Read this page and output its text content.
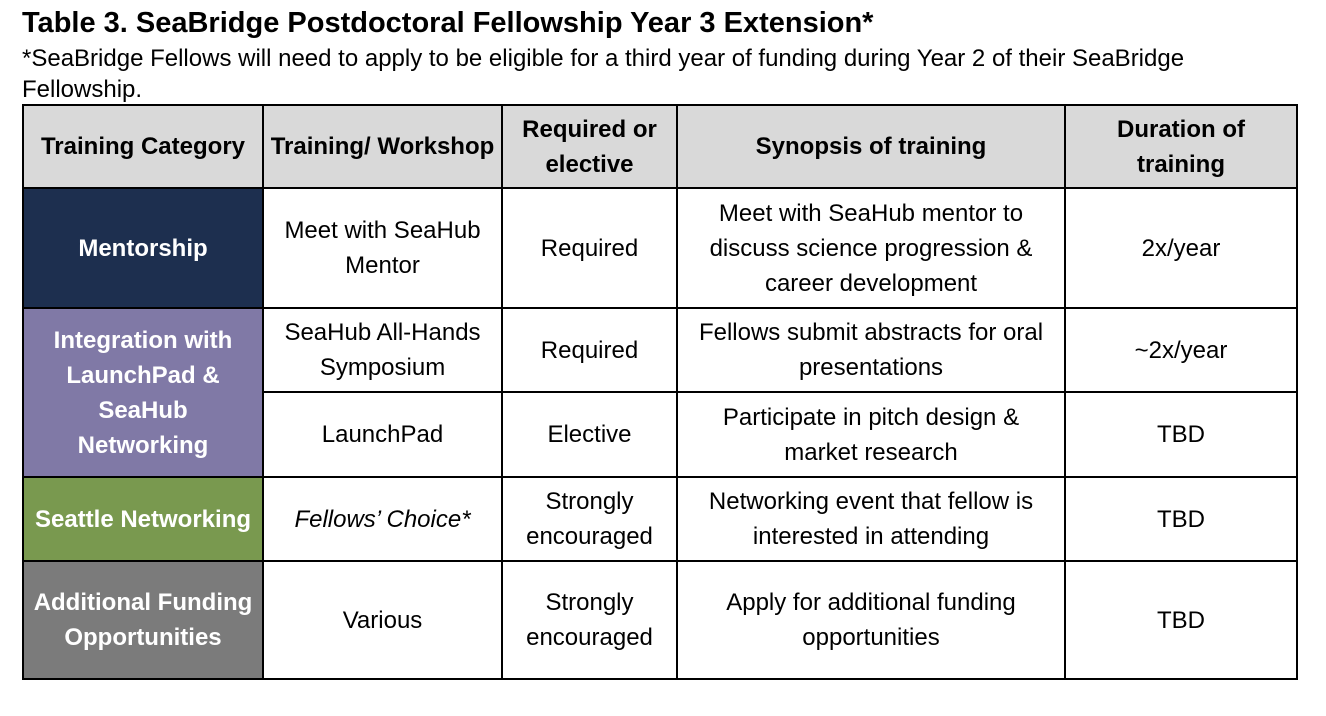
Table 3. SeaBridge Postdoctoral Fellowship Year 3 Extension*
*SeaBridge Fellows will need to apply to be eligible for a third year of funding during Year 2 of their SeaBridge Fellowship.
Training Category	Training/ Workshop	Required or elective	Synopsis of training	Duration of training
Mentorship	Meet with SeaHub Mentor	Required	Meet with SeaHub mentor to discuss science progression & career development	2x/year
Integration with LaunchPad & SeaHub Networking	SeaHub All-Hands Symposium	Required	Fellows submit abstracts for oral presentations	~2x/year
	LaunchPad	Elective	Participate in pitch design & market research	TBD
Seattle Networking	Fellows’ Choice*	Strongly encouraged	Networking event that fellow is interested in attending	TBD
Additional Funding Opportunities	Various	Strongly encouraged	Apply for additional funding opportunities	TBD
